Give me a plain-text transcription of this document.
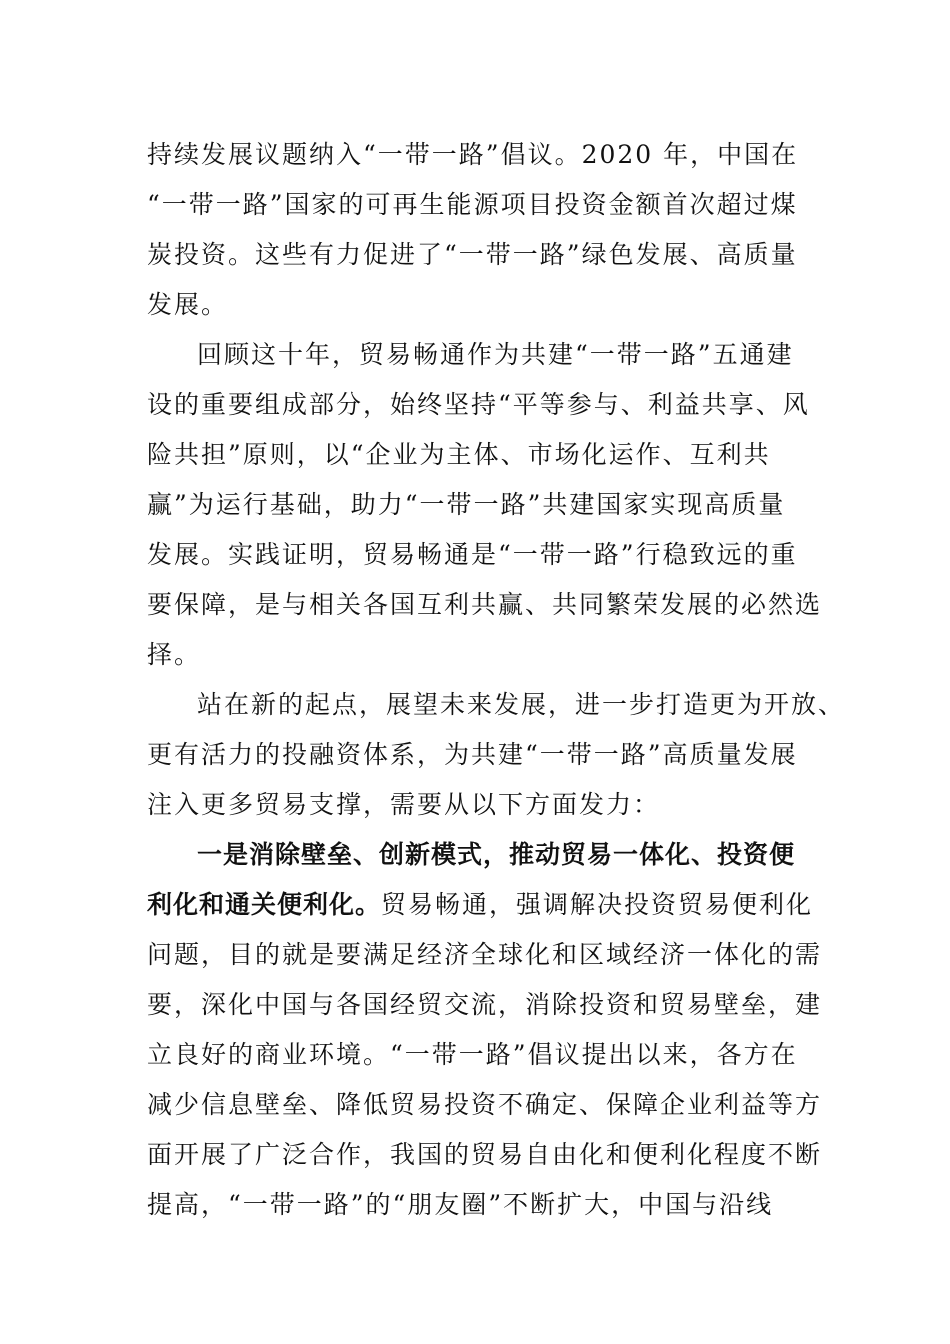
持续发展议题纳入“一带一路”倡议。2020 年，中国在
“一带一路”国家的可再生能源项目投资金额首次超过煤
炭投资。这些有力促进了“一带一路”绿色发展、高质量
发展。
回顾这十年，贸易畅通作为共建“一带一路”五通建
设的重要组成部分，始终坚持“平等参与、利益共享、风
险共担”原则，以“企业为主体、市场化运作、互利共
赢”为运行基础，助力“一带一路”共建国家实现高质量
发展。实践证明，贸易畅通是“一带一路”行稳致远的重
要保障，是与相关各国互利共赢、共同繁荣发展的必然选
择。
站在新的起点，展望未来发展，进一步打造更为开放、
更有活力的投融资体系，为共建“一带一路”高质量发展
注入更多贸易支撑，需要从以下方面发力：
一是消除壁垒、创新模式，推动贸易一体化、投资便
利化和通关便利化。贸易畅通，强调解决投资贸易便利化
问题，目的就是要满足经济全球化和区域经济一体化的需
要，深化中国与各国经贸交流，消除投资和贸易壁垒，建
立良好的商业环境。“一带一路”倡议提出以来，各方在
减少信息壁垒、降低贸易投资不确定、保障企业利益等方
面开展了广泛合作，我国的贸易自由化和便利化程度不断
提高，“一带一路”的“朋友圈”不断扩大，中国与沿线
